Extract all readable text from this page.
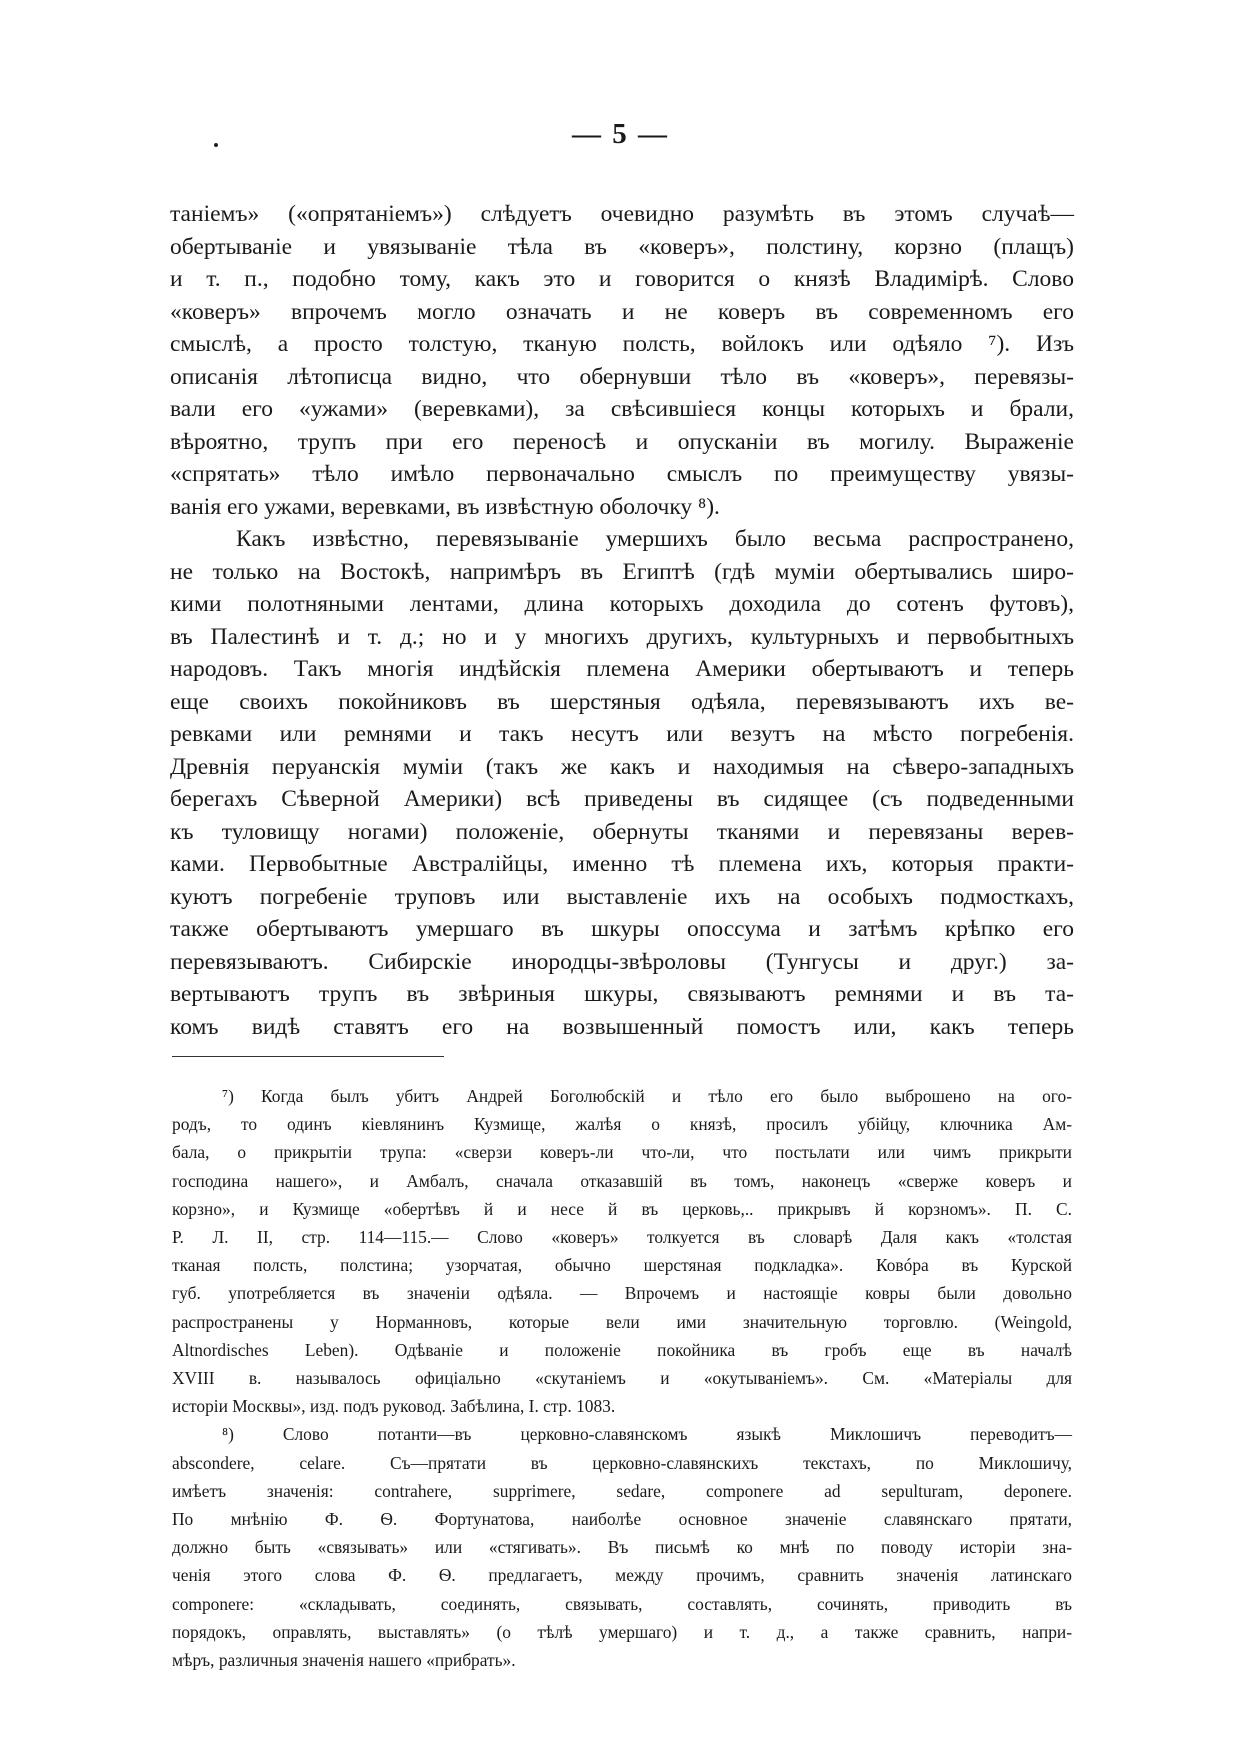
— 5 —

таніемъ» («опрятаніемъ») слѣдуетъ очевидно разумѣть въ этомъ случаѣ—
обертываніе и увязываніе тѣла въ «коверъ», полстину, корзно (плащъ)
и т. п., подобно тому, какъ это и говорится о князѣ Владимірѣ. Слово
«коверъ» впрочемъ могло означать и не коверъ въ современномъ его
смыслѣ, а просто толстую, тканую полсть, войлокъ или одѣяло ⁷). Изъ
описанія лѣтописца видно, что обернувши тѣло въ «коверъ», перевязы-
вали его «ужами» (веревками), за свѣсившіеся концы которыхъ и брали,
вѣроятно, трупъ при его переносѣ и опусканіи въ могилу. Выраженіе
«спрятать» тѣло имѣло первоначально смыслъ по преимуществу увязы-
ванія его ужами, веревками, въ извѣстную оболочку ⁸).

Какъ извѣстно, перевязываніе умершихъ было весьма распространено,
не только на Востокѣ, напримѣръ въ Египтѣ (гдѣ муміи обертывались широ-
кими полотняными лентами, длина которыхъ доходила до сотенъ футовъ),
въ Палестинѣ и т. д.; но и у многихъ другихъ, культурныхъ и первобытныхъ
народовъ. Такъ многія индѣйскія племена Америки обертываютъ и теперь
еще своихъ покойниковъ въ шерстяныя одѣяла, перевязываютъ ихъ ве-
ревками или ремнями и такъ несутъ или везутъ на мѣсто погребенія.
Древнія перуанскія муміи (такъ же какъ и находимыя на сѣверо-западныхъ
берегахъ Сѣверной Америки) всѣ приведены въ сидящее (съ подведенными
къ туловищу ногами) положеніе, обернуты тканями и перевязаны верев-
ками. Первобытные Австралійцы, именно тѣ племена ихъ, которыя практи-
куютъ погребеніе труповъ или выставленіе ихъ на особыхъ подмосткахъ,
также обертываютъ умершаго въ шкуры опоссума и затѣмъ крѣпко его
перевязываютъ. Сибирскіе инородцы-звѣроловы (Тунгусы и друг.) за-
вертываютъ трупъ въ звѣриныя шкуры, связываютъ ремнями и въ та-
комъ видѣ ставятъ его на возвышенный помостъ или, какъ теперь

⁷) Когда былъ убитъ Андрей Боголюбскій и тѣло его было выброшено на ого-
родъ, то одинъ кіевлянинъ Кузмище, жалѣя о князѣ, просилъ убійцу, ключника Ам-
бала, о прикрытіи трупа: «сверзи коверъ-ли что-ли, что постьлати или чимъ прикрыти
господина нашего», и Амбалъ, сначала отказавшій въ томъ, наконецъ «сверже коверъ и
корзно», и Кузмище «обертѣвъ й и несе й въ церковь,.. прикрывъ й корзномъ». П. С.
Р. Л. II, стр. 114—115.— Слово «коверъ» толкуется въ словарѣ Даля какъ «толстая
тканая полсть, полстина; узорчатая, обычно шерстяная подкладка». Ковóра въ Курской
губ. употребляется въ значеніи одѣяла. — Впрочемъ и настоящіе ковры были довольно
распространены у Норманновъ, которые вели ими значительную торговлю. (Weingold,
Altnordisches Leben). Одѣваніе и положеніе покойника въ гробъ еще въ началѣ
XVIII в. называлось офиціально «скутаніемъ и «окутываніемъ». См. «Матеріалы для
исторіи Москвы», изд. подъ руковод. Забѣлина, I. стр. 1083.
⁸) Слово потанти—въ церковно-славянскомъ языкѣ Миклошичъ переводитъ—
abscondere, celare. Съ—прятати въ церковно-славянскихъ текстахъ, по Миклошичу,
имѣетъ значенія: contrahere, supprimere, sedare, componere ad sepulturam, deponere.
По мнѣнію Ф. Ѳ. Фортунатова, наиболѣе основное значеніе славянскаго прятати,
должно быть «связывать» или «стягивать». Въ письмѣ ко мнѣ по поводу исторіи зна-
ченія этого слова Ф. Ѳ. предлагаетъ, между прочимъ, сравнить значенія латинскаго
componere: «складывать, соединять, связывать, составлять, сочинять, приводить въ
порядокъ, оправлять, выставлять» (о тѣлѣ умершаго) и т. д., а также сравнить, напри-
мѣръ, различныя значенія нашего «прибрать».
